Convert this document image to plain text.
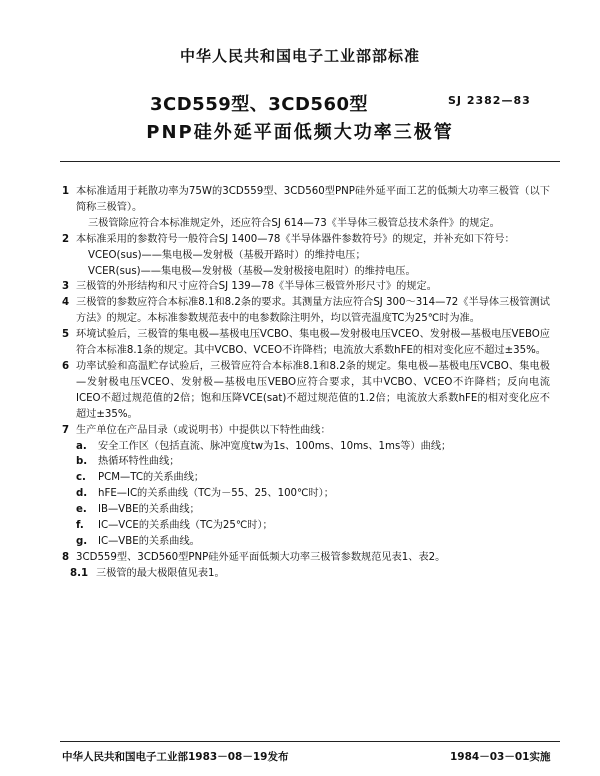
中华人民共和国电子工业部部标准
3CD559型、3CD560型	SJ 2382—83
PNP硅外延平面低频大功率三极管

1 本标准适用于耗散功率为75W的3CD559型、3CD560型PNP硅外延平面工艺的低频大功率三极管（以下简称三极管）。

三极管除应符合本标准规定外，还应符合SJ 614—73《半导体三极管总技术条件》的规定。

2 本标准采用的参数符号一般符合SJ 1400—78《半导体器件参数符号》的规定，并补充如下符号：

VCEO(sus)——集电极—发射极（基极开路时）的维持电压；

VCER(sus)——集电极—发射极（基极—发射极接电阻时）的维持电压。

3 三极管的外形结构和尺寸应符合SJ 139—78《半导体三极管外形尺寸》的规定。

4 三极管的参数应符合本标准8.1和8.2条的要求。其测量方法应符合SJ 300～314—72《半导体三极管测试方法》的规定。本标准参数规范表中的电参数除注明外，均以管壳温度TC为25℃时为准。

5 环境试验后，三极管的集电极—基极电压VCBO、集电极—发射极电压VCEO、发射极—基极电压VEBO应符合本标准8.1条的规定。其中VCBO、VCEO不许降档；电流放大系数hFE的相对变化应不超过±35%。

6 功率试验和高温贮存试验后，三极管应符合本标准8.1和8.2条的规定。集电极—基极电压VCBO、集电极—发射极电压VCEO、发射极—基极电压VEBO应符合要求，其中VCBO、VCEO不许降档；反向电流ICEO不超过规范值的2倍；饱和压降VCE(sat)不超过规范值的1.2倍；电流放大系数hFE的相对变化应不超过±35%。

7 生产单位在产品目录（或说明书）中提供以下特性曲线：

a.	安全工作区（包括直流、脉冲宽度tw为1s、100ms、10ms、1ms等）曲线；

b.	热循环特性曲线；

c.	PCM—TC的关系曲线；

d.	hFE—IC的关系曲线（TC为－55、25、100℃时）；

e.	IB—VBE的关系曲线；

f.	IC—VCE的关系曲线（TC为25℃时）；

g.	IC—VBE的关系曲线。

8 3CD559型、3CD560型PNP硅外延平面低频大功率三极管参数规范见表1、表2。

8.1 三极管的最大极限值见表1。

中华人民共和国电子工业部1983－08－19发布	1984－03－01实施
